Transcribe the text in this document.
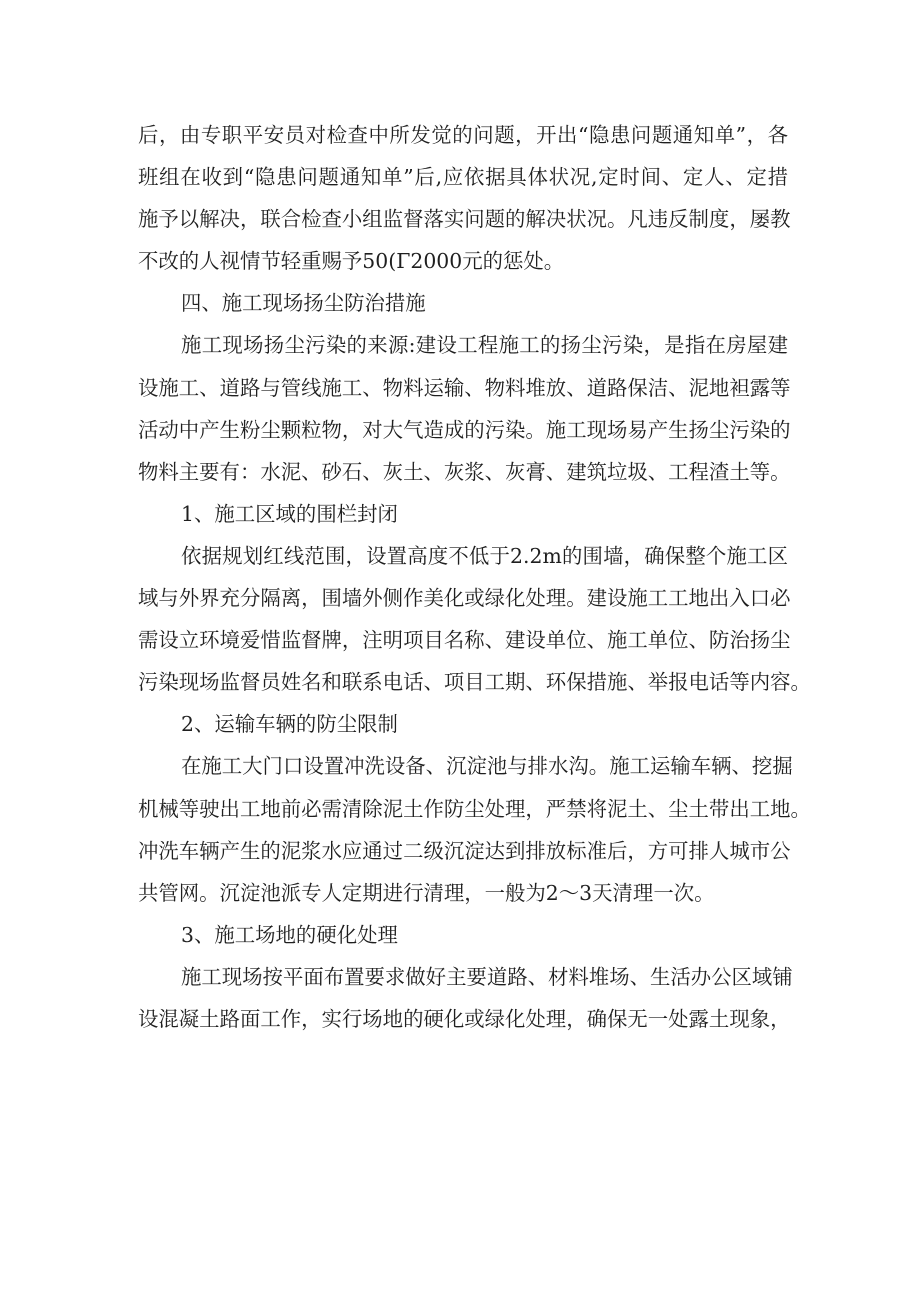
后，由专职平安员对检查中所发觉的问题，开出“隐患问题通知单”，各
班组在收到“隐患问题通知单”后,应依据具体状况,定时间、定人、定措
施予以解决，联合检查小组监督落实问题的解决状况。凡违反制度，屡教
不改的人视情节轻重赐予50(Γ2000元的惩处。
四、施工现场扬尘防治措施
施工现场扬尘污染的来源:建设工程施工的扬尘污染，是指在房屋建
设施工、道路与管线施工、物料运输、物料堆放、道路保洁、泥地袒露等
活动中产生粉尘颗粒物，对大气造成的污染。施工现场易产生扬尘污染的
物料主要有：水泥、砂石、灰土、灰浆、灰膏、建筑垃圾、工程渣土等。
1、施工区域的围栏封闭
依据规划红线范围，设置高度不低于2.2m的围墙，确保整个施工区
域与外界充分隔离，围墙外侧作美化或绿化处理。建设施工工地出入口必
需设立环境爱惜监督牌，注明项目名称、建设单位、施工单位、防治扬尘
污染现场监督员姓名和联系电话、项目工期、环保措施、举报电话等内容。
2、运输车辆的防尘限制
在施工大门口设置冲洗设备、沉淀池与排水沟。施工运输车辆、挖掘
机械等驶出工地前必需清除泥土作防尘处理，严禁将泥土、尘土带出工地。
冲洗车辆产生的泥浆水应通过二级沉淀达到排放标准后，方可排人城市公
共管网。沉淀池派专人定期进行清理，一般为2～3天清理一次。
3、施工场地的硬化处理
施工现场按平面布置要求做好主要道路、材料堆场、生活办公区域铺
设混凝土路面工作，实行场地的硬化或绿化处理，确保无一处露土现象，
